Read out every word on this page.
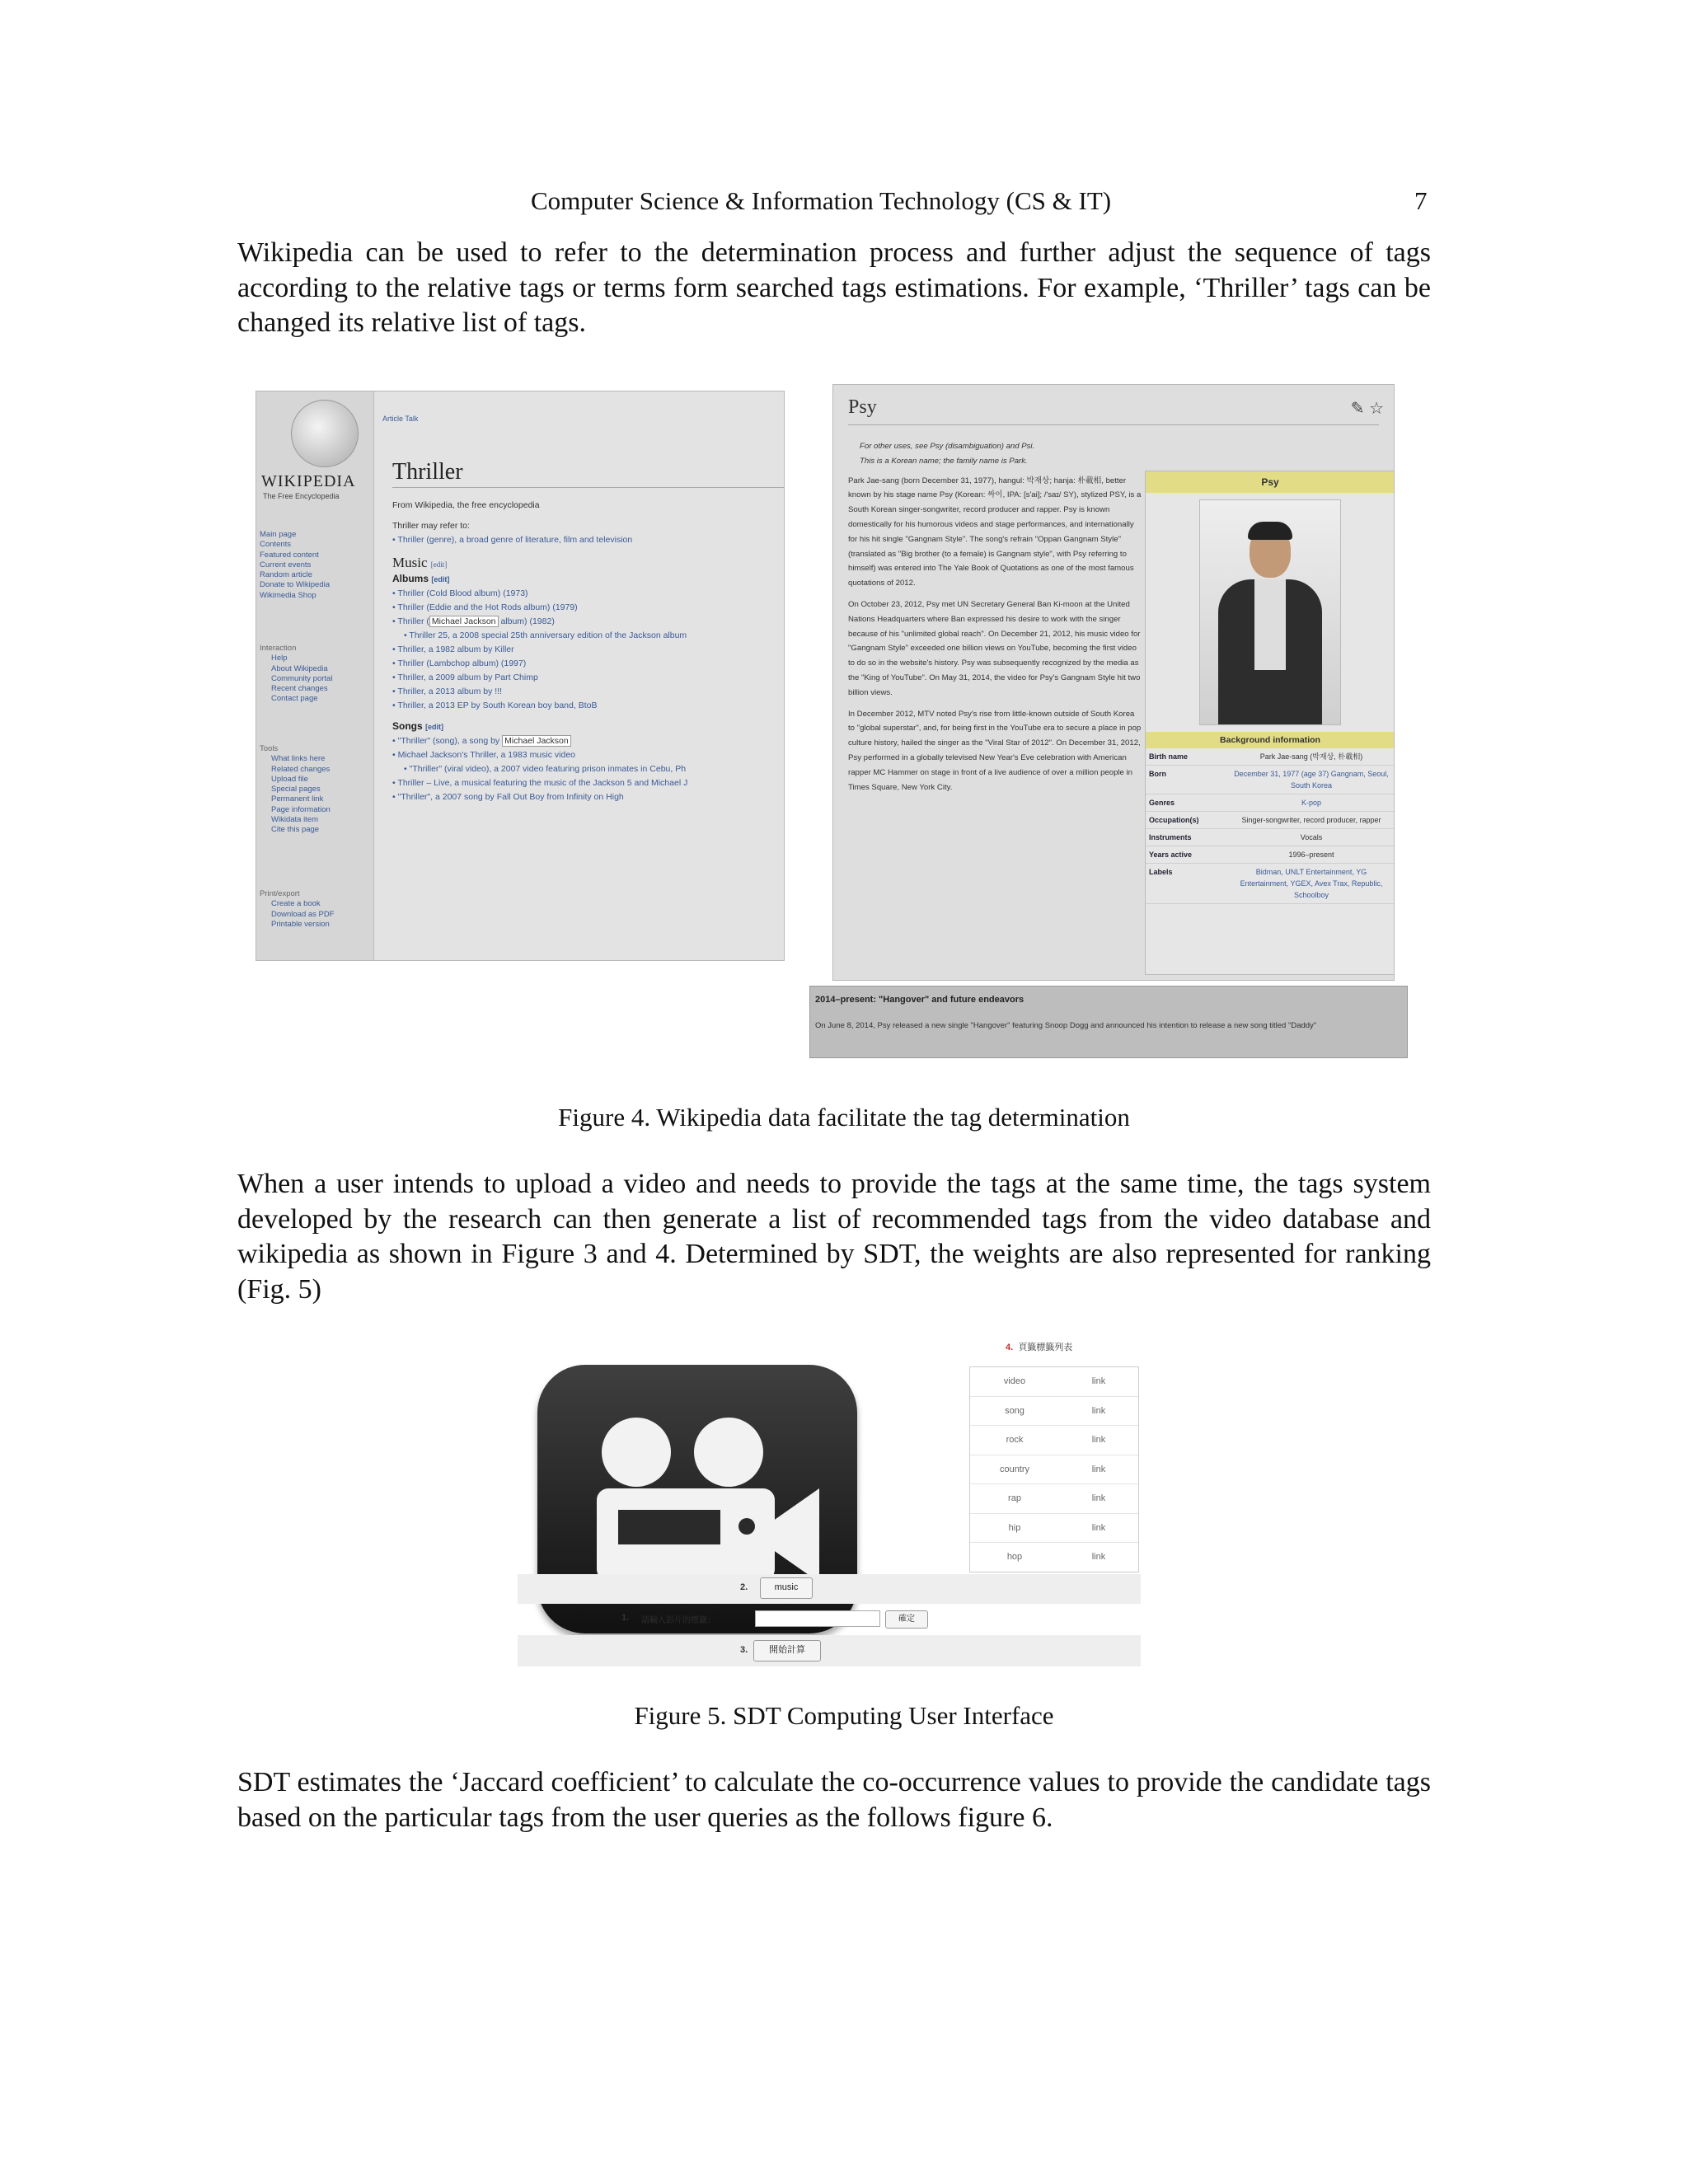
Computer Science & Information Technology (CS & IT)	7
Wikipedia can be used to refer to the determination process and further adjust the sequence of tags according to the relative tags or terms form searched tags estimations. For example, ‘Thriller’ tags can be changed its relative list of tags.
WIKIPEDIA
The Free Encyclopedia
Main page
Contents
Featured content
Current events
Random article
Donate to Wikipedia
Wikimedia Shop
Interaction
Help
About Wikipedia
Community portal
Recent changes
Contact page
Tools
What links here
Related changes
Upload file
Special pages
Permanent link
Page information
Wikidata item
Cite this page
Print/export
Create a book
Download as PDF
Printable version
Article Talk
Thriller
From Wikipedia, the free encyclopedia
Thriller may refer to:
• Thriller (genre), a broad genre of literature, film and television
Music [edit]
Albums [edit]
• Thriller (Cold Blood album) (1973)
• Thriller (Eddie and the Hot Rods album) (1979)
• Thriller ( Michael Jackson album) (1982)
• Thriller 25, a 2008 special 25th anniversary edition of the Jackson album
• Thriller, a 1982 album by Killer
• Thriller (Lambchop album) (1997)
• Thriller, a 2009 album by Part Chimp
• Thriller, a 2013 album by !!!
• Thriller, a 2013 EP by South Korean boy band, BtoB
Songs [edit]
• "Thriller" (song), a song by Michael Jackson
• Michael Jackson's Thriller, a 1983 music video
• "Thriller" (viral video), a 2007 video featuring prison inmates in Cebu, Ph
• Thriller – Live, a musical featuring the music of the Jackson 5 and Michael J
• "Thriller", a 2007 song by Fall Out Boy from Infinity on High
Psy	✎ ☆

For other uses, see Psy (disambiguation) and Psi.

This is a Korean name; the family name is Park.

Park Jae-sang (born December 31, 1977), hangul: 박재상; hanja: 朴載相, better known by his stage name Psy (Korean: 싸이, IPA: [s'ai]; /'saɪ/ SY), stylized PSY, is a South Korean singer-songwriter, record producer and rapper. Psy is known domestically for his humorous videos and stage performances, and internationally for his hit single "Gangnam Style". The song's refrain "Oppan Gangnam Style" (translated as "Big brother (to a female) is Gangnam style", with Psy referring to himself) was entered into The Yale Book of Quotations as one of the most famous quotations of 2012.

On October 23, 2012, Psy met UN Secretary General Ban Ki-moon at the United Nations Headquarters where Ban expressed his desire to work with the singer because of his "unlimited global reach". On December 21, 2012, his music video for "Gangnam Style" exceeded one billion views on YouTube, becoming the first video to do so in the website's history. Psy was subsequently recognized by the media as the "King of YouTube". On May 31, 2014, the video for Psy's Gangnam Style hit two billion views.

In December 2012, MTV noted Psy's rise from little-known outside of South Korea to "global superstar", and, for being first in the YouTube era to secure a place in pop culture history, hailed the singer as the "Viral Star of 2012". On December 31, 2012, Psy performed in a globally televised New Year's Eve celebration with American rapper MC Hammer on stage in front of a live audience of over a million people in Times Square, New York City.

Psy
Background information
Birth name	Park Jae-sang (박재상, 朴載相)
Born	December 31, 1977 (age 37) Gangnam, Seoul, South Korea
Genres	K-pop
Occupation(s)	Singer-songwriter, record producer, rapper
Instruments	Vocals
Years active	1996–present
Labels	Bidman, UNLT Entertainment, YG Entertainment, YGEX, Avex Trax, Republic, Schoolboy
2014–present: "Hangover" and future endeavors
On June 8, 2014, Psy released a new single "Hangover" featuring Snoop Dogg and announced his intention to release a new song titled "Daddy"
Figure 4. Wikipedia data facilitate the tag determination
When a user intends to upload a video and needs to provide the tags at the same time, the tags system developed by the research can then generate a list of recommended tags from the video database and wikipedia as shown in Figure 3 and 4. Determined by SDT, the weights are also represented for ranking (Fig. 5)
4. 頁籤標籤列表
video	link
song	link
rock	link
country	link
rap	link
hip	link
hop	link
2.	music
1. 請輸入影片的標籤：	確定
3.	開始計算
Figure 5. SDT Computing User Interface
SDT estimates the ‘Jaccard coefficient’ to calculate the co-occurrence values to provide the candidate tags based on the particular tags from the user queries as the follows figure 6.
